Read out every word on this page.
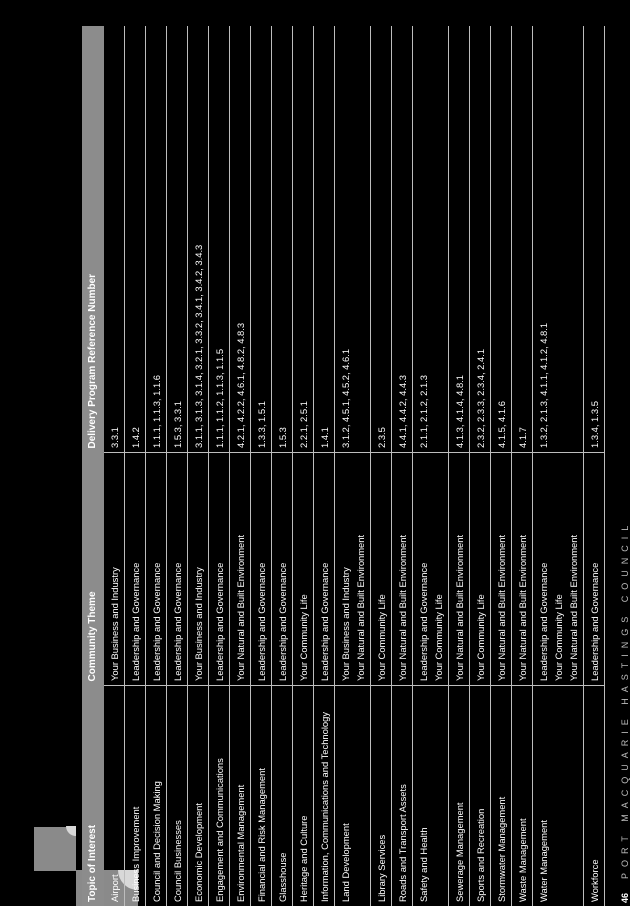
46
PORT MACQUARIE HASTINGS COUNCIL
Topic of Interest	Community Theme	Delivery Program Reference Number
Airport	Your Business and Industry	3.3.1
Business Improvement	Leadership and Governance	1.4.2
Council and Decision Making	Leadership and Governance	1.1.1, 1.1.3, 1.1.6
Council Businesses	Leadership and Governance	1.5.3, 3.3.1
Economic Development	Your Business and Industry	3.1.1, 3.1.3, 3.1.4, 3.2.1, 3.3.2, 3.4.1, 3.4.2, 3.4.3
Engagement and Communications	Leadership and Governance	1.1.1, 1.1.2, 1.1.3, 1.1.5
Environmental Management	Your Natural and Built Environment	4.2.1, 4.2.2, 4.6.1, 4.8.2, 4.8.3
Financial and Risk Management	Leadership and Governance	1.3.3, 1.5.1
Glasshouse	Leadership and Governance	1.5.3
Heritage and Culture	Your Community Life	2.2.1, 2.5.1
Information, Communications and Technology	Leadership and Governance	1.4.1
Land Development	Your Business and Industry Your Natural and Built Environment	3.1.2, 4.5.1, 4.5.2, 4.6.1
Library Services	Your Community Life	2.3.5
Roads and Transport Assets	Your Natural and Built Environment	4.4.1, 4.4.2, 4.4.3
Safety and Health	Leadership and Governance Your Community Life	2.1.1, 2.1.2, 2.1.3
Sewerage Management	Your Natural and Built Environment	4.1.3, 4.1.4, 4.8.1
Sports and Recreation	Your Community Life	2.3.2, 2.3.3, 2.3.4, 2.4.1
Stormwater Management	Your Natural and Built Environment	4.1.5, 4.1.6
Waste Management	Your Natural and Built Environment	4.1.7
Water Management	Leadership and Governance Your Community Life Your Natural and Built Environment	1.3.2, 2.1.3, 4.1.1, 4.1.2, 4.8.1
Workforce	Leadership and Governance	1.3.4, 1.3.5
